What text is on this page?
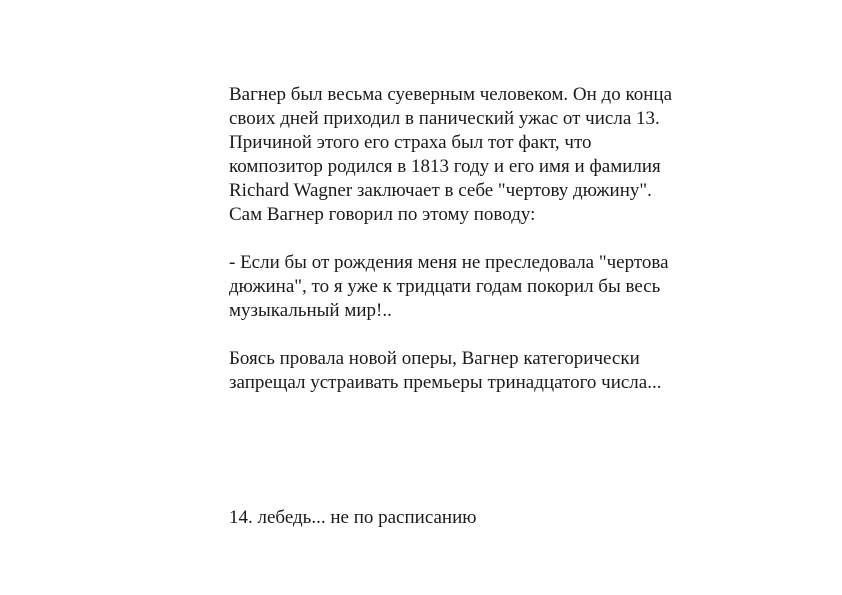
Вагнер был весьма суеверным человеком. Он до конца
своих дней приходил в панический ужас от числа 13.
Причиной этого его страха был тот факт, что
композитор родился в 1813 году и его имя и фамилия
Richard Wagner заключает в себе "чертову дюжину".
Сам Вагнер говорил по этому поводу:
- Если бы от рождения меня не преследовала "чертова
дюжина", то я уже к тридцати годам покорил бы весь
музыкальный мир!..
Боясь провала новой оперы, Вагнер категорически
запрещал устраивать премьеры тринадцатого числа...
14. лебедь... не по расписанию
